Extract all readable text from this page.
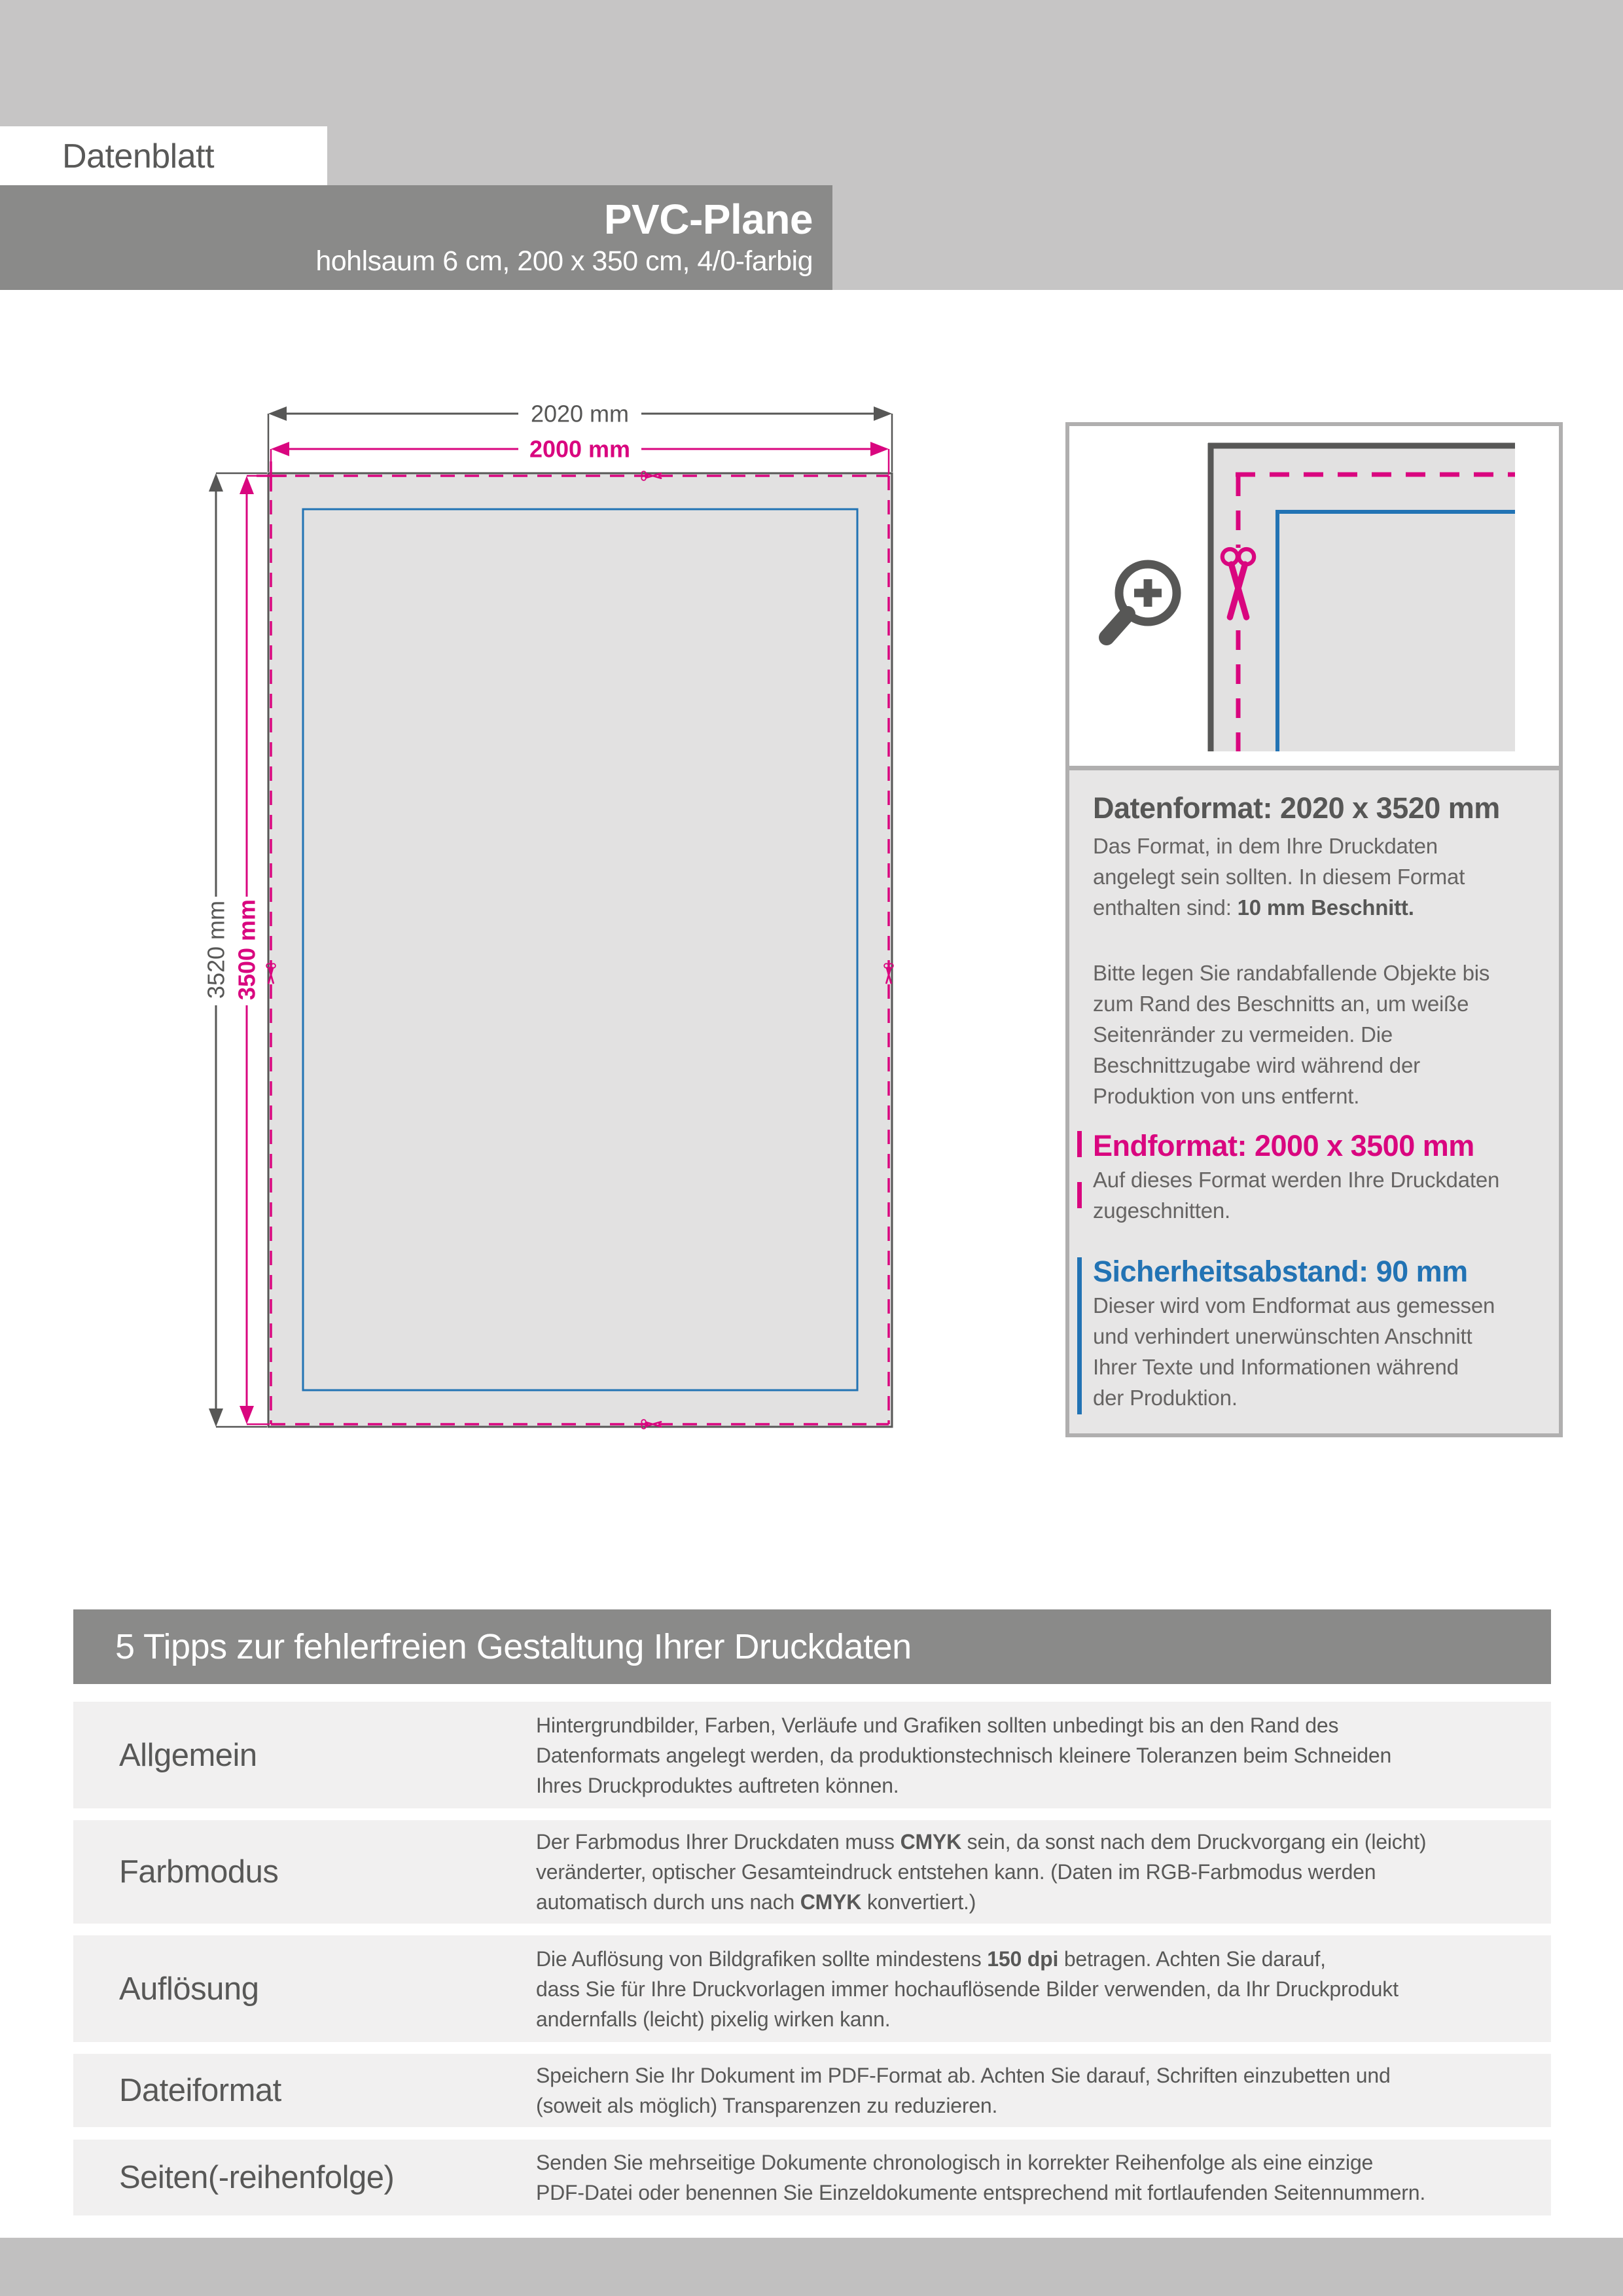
Datenblatt
PVC-Plane
hohlsaum 6 cm, 200 x 350 cm, 4/0-farbig
2020 mm
2000 mm
3520 mm 3500 mm
Datenformat: 2020 x 3520 mm
Das Format, in dem Ihre Druckdaten
angelegt sein sollten. In diesem Format
enthalten sind: 10 mm Beschnitt.
Bitte legen Sie randabfallende Objekte bis
zum Rand des Beschnitts an, um weiße
Seitenränder zu vermeiden. Die
Beschnittzugabe wird während der
Produktion von uns entfernt.
Endformat: 2000 x 3500 mm
Auf dieses Format werden Ihre Druckdaten
zugeschnitten.
Sicherheitsabstand: 90 mm
Dieser wird vom Endformat aus gemessen
und verhindert unerwünschten Anschnitt
Ihrer Texte und Informationen während
der Produktion.
5 Tipps zur fehlerfreien Gestaltung Ihrer Druckdaten
Allgemein
Hintergrundbilder, Farben, Verläufe und Grafiken sollten unbedingt bis an den Rand des
Datenformats angelegt werden, da produktionstechnisch kleinere Toleranzen beim Schneiden
Ihres Druckproduktes auftreten können.
Farbmodus
Der Farbmodus Ihrer Druckdaten muss CMYK sein, da sonst nach dem Druckvorgang ein (leicht)
veränderter, optischer Gesamteindruck entstehen kann. (Daten im RGB-Farbmodus werden
automatisch durch uns nach CMYK konvertiert.)
Auflösung
Die Auflösung von Bildgrafiken sollte mindestens 150 dpi betragen. Achten Sie darauf,
dass Sie für Ihre Druckvorlagen immer hochauflösende Bilder verwenden, da Ihr Druckprodukt
andernfalls (leicht) pixelig wirken kann.
Dateiformat	Speichern Sie Ihr Dokument im PDF-Format ab. Achten Sie darauf, Schriften einzubetten und
(soweit als möglich) Transparenzen zu reduzieren.
Seiten(-reihenfolge)	Senden Sie mehrseitige Dokumente chronologisch in korrekter Reihenfolge als eine einzige
PDF-Datei oder benennen Sie Einzeldokumente entsprechend mit fortlaufenden Seitennummern.
